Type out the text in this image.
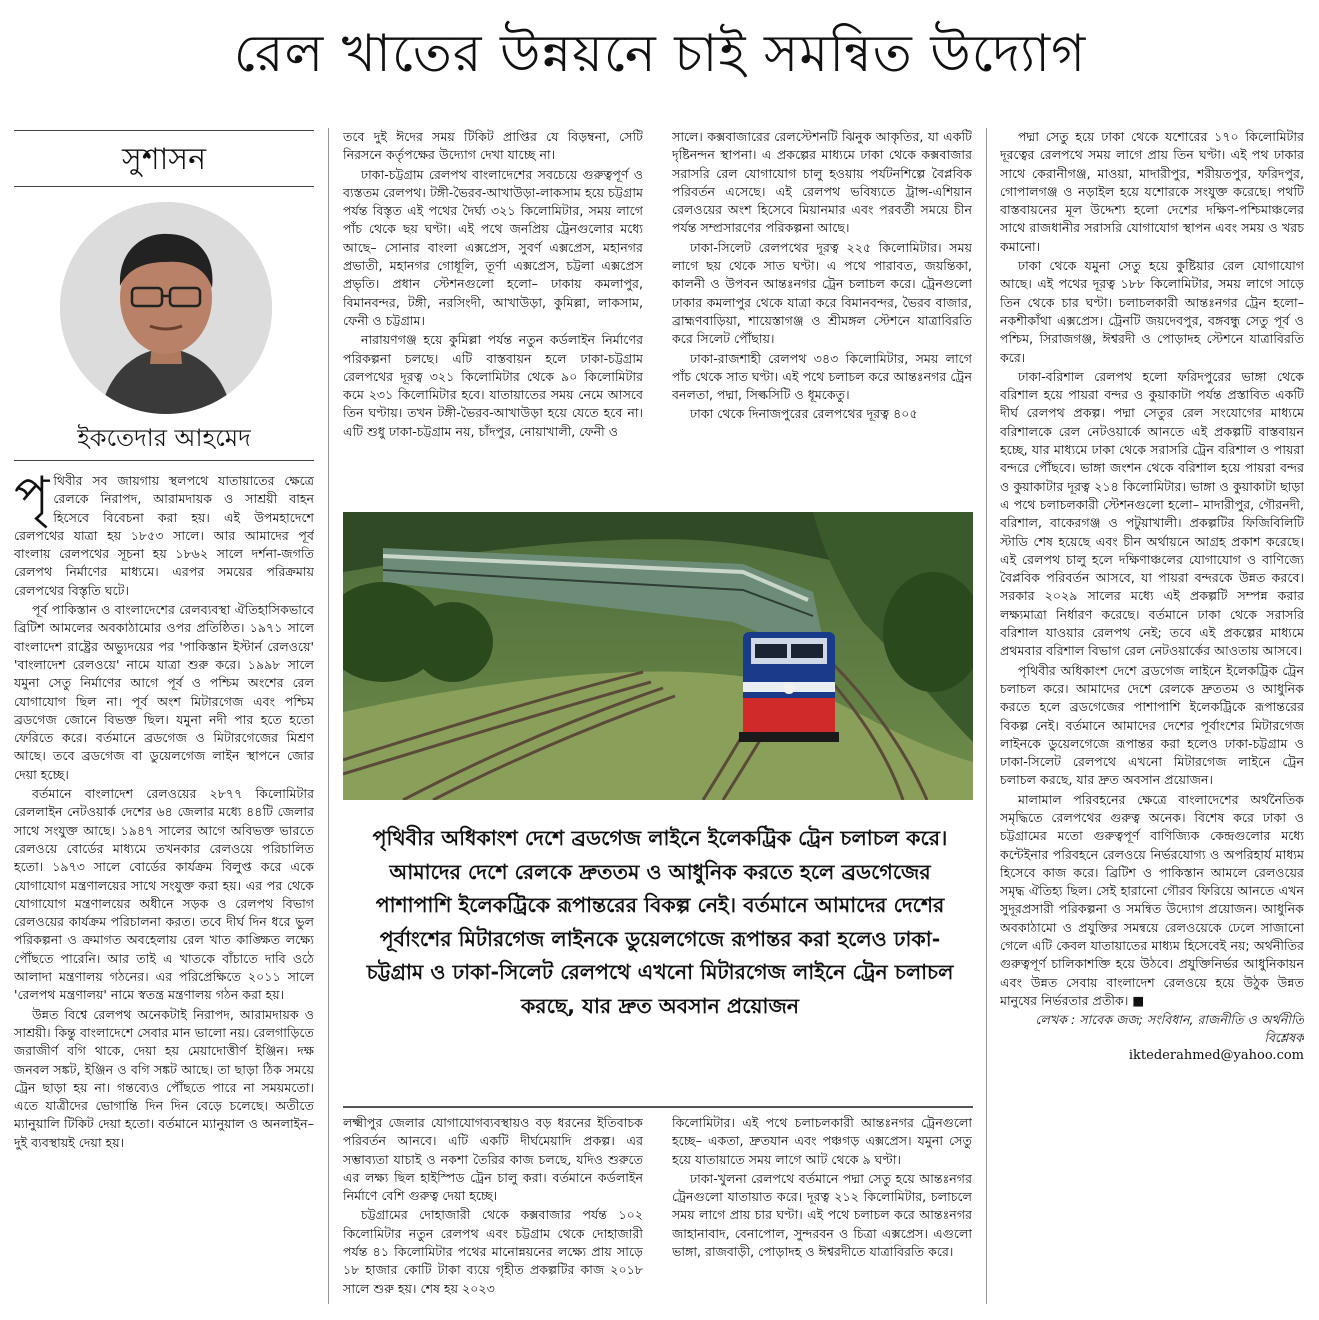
রেল খাতের উন্নয়নে চাই সমন্বিত উদ্যোগ
সুশাসন
ইকতেদার আহমেদ

পৃথিবীর সব জায়গায় স্থলপথে যাতায়াতের ক্ষেত্রে রেলকে নিরাপদ, আরামদায়ক ও সাশ্রয়ী বাহন হিসেবে বিবেচনা করা হয়। এই উপমহাদেশে রেলপথের যাত্রা হয় ১৮৫৩ সালে। আর আমাদের পূর্ব বাংলায় রেলপথের সূচনা হয় ১৮৬২ সালে দর্শনা-জগতি রেলপথ নির্মাণের মাধ্যমে। এরপর সময়ের পরিক্রমায় রেলপথের বিস্তৃতি ঘটে।

পূর্ব পাকিস্তান ও বাংলাদেশের রেলব্যবস্থা ঐতিহাসিকভাবে ব্রিটিশ আমলের অবকাঠামোর ওপর প্রতিষ্ঠিত। ১৯৭১ সালে বাংলাদেশ রাষ্ট্রের অভ্যুদয়ের পর 'পাকিস্তান ইস্টার্ন রেলওয়ে' 'বাংলাদেশ রেলওয়ে' নামে যাত্রা শুরু করে। ১৯৯৮ সালে যমুনা সেতু নির্মাণের আগে পূর্ব ও পশ্চিম অংশের রেল যোগাযোগ ছিল না। পূর্ব অংশ মিটারগেজ এবং পশ্চিম ব্রডগেজ জোনে বিভক্ত ছিল। যমুনা নদী পার হতে হতো ফেরিতে করে। বর্তমানে ব্রডগেজ ও মিটারগেজের মিশ্রণ আছে। তবে ব্রডগেজ বা ডুয়েলগেজ লাইন স্থাপনে জোর দেয়া হচ্ছে।

বর্তমানে বাংলাদেশ রেলওয়ের ২৮৭৭ কিলোমিটার রেললাইন নেটওয়ার্ক দেশের ৬৪ জেলার মধ্যে ৪৪টি জেলার সাথে সংযুক্ত আছে। ১৯৪৭ সালের আগে অবিভক্ত ভারতে রেলওয়ে বোর্ডের মাধ্যমে তখনকার রেলওয়ে পরিচালিত হতো। ১৯৭৩ সালে বোর্ডের কার্যক্রম বিলুপ্ত করে একে যোগাযোগ মন্ত্রণালয়ের সাথে সংযুক্ত করা হয়। এর পর থেকে যোগাযোগ মন্ত্রণালয়ের অধীনে সড়ক ও রেলপথ বিভাগ রেলওয়ের কার্যক্রম পরিচালনা করত। তবে দীর্ঘ দিন ধরে ভুল পরিকল্পনা ও ক্রমাগত অবহেলায় রেল খাত কাঙ্ক্ষিত লক্ষ্যে পৌঁছতে পারেনি। আর তাই এ খাতকে বাঁচাতে দাবি ওঠে আলাদা মন্ত্রণালয় গঠনের। এর পরিপ্রেক্ষিতে ২০১১ সালে 'রেলপথ মন্ত্রণালয়' নামে স্বতন্ত্র মন্ত্রণালয় গঠন করা হয়।

উন্নত বিশ্বে রেলপথ অনেকটাই নিরাপদ, আরামদায়ক ও সাশ্রয়ী। কিন্তু বাংলাদেশে সেবার মান ভালো নয়। রেলগাড়িতে জরাজীর্ণ বগি থাকে, দেয়া হয় মেয়াদোত্তীর্ণ ইঞ্জিন। দক্ষ জনবল সঙ্কট, ইঞ্জিন ও বগি সঙ্কট আছে। তা ছাড়া ঠিক সময়ে ট্রেন ছাড়া হয় না। গন্তব্যেও পৌঁছতে পারে না সময়মতো। এতে যাত্রীদের ভোগান্তি দিন দিন বেড়ে চলেছে। অতীতে ম্যানুয়ালি টিকিট দেয়া হতো। বর্তমানে ম্যানুয়াল ও অনলাইন– দুই ব্যবস্থায়ই দেয়া হয়।

তবে দুই ঈদের সময় টিকিট প্রাপ্তির যে বিড়ম্বনা, সেটি নিরসনে কর্তৃপক্ষের উদ্যোগ দেখা যাচ্ছে না।

ঢাকা-চট্টগ্রাম রেলপথ বাংলাদেশের সবচেয়ে গুরুত্বপূর্ণ ও ব্যস্ততম রেলপথ। টঙ্গী-ভৈরব-আখাউড়া-লাকসাম হয়ে চট্টগ্রাম পর্যন্ত বিস্তৃত এই পথের দৈর্ঘ্য ৩২১ কিলোমিটার, সময় লাগে পাঁচ থেকে ছয় ঘণ্টা। এই পথে জনপ্রিয় ট্রেনগুলোর মধ্যে আছে– সোনার বাংলা এক্সপ্রেস, সুবর্ণ এক্সপ্রেস, মহানগর প্রভাতী, মহানগর গোধূলি, তূর্ণা এক্সপ্রেস, চট্টলা এক্সপ্রেস প্রভৃতি। প্রধান স্টেশনগুলো হলো– ঢাকায় কমলাপুর, বিমানবন্দর, টঙ্গী, নরসিংদী, আখাউড়া, কুমিল্লা, লাকসাম, ফেনী ও চট্টগ্রাম।

নারায়ণগঞ্জ হয়ে কুমিল্লা পর্যন্ত নতুন কর্ডলাইন নির্মাণের পরিকল্পনা চলছে। এটি বাস্তবায়ন হলে ঢাকা-চট্টগ্রাম রেলপথের দূরত্ব ৩২১ কিলোমিটার থেকে ৯০ কিলোমিটার কমে ২৩১ কিলোমিটার হবে। যাতায়াতের সময় নেমে আসবে তিন ঘণ্টায়। তখন টঙ্গী-ভৈরব-আখাউড়া হয়ে যেতে হবে না। এটি শুধু ঢাকা-চট্টগ্রাম নয়, চাঁদপুর, নোয়াখালী, ফেনী ও

সালে। কক্সবাজারের রেলস্টেশনটি ঝিনুক আকৃতির, যা একটি দৃষ্টিনন্দন স্থাপনা। এ প্রকল্পের মাধ্যমে ঢাকা থেকে কক্সবাজার সরাসরি রেল যোগাযোগ চালু হওয়ায় পর্যটনশিল্পে বৈপ্লবিক পরিবর্তন এসেছে। এই রেলপথ ভবিষ্যতে ট্রান্স-এশিয়ান রেলওয়ের অংশ হিসেবে মিয়ানমার এবং পরবর্তী সময়ে চীন পর্যন্ত সম্প্রসারণের পরিকল্পনা আছে।

ঢাকা-সিলেট রেলপথের দূরত্ব ২২৫ কিলোমিটার। সময় লাগে ছয় থেকে সাত ঘণ্টা। এ পথে পারাবত, জয়ন্তিকা, কালনী ও উপবন আন্তঃনগর ট্রেন চলাচল করে। ট্রেনগুলো ঢাকার কমলাপুর থেকে যাত্রা করে বিমানবন্দর, ভৈরব বাজার, ব্রাহ্মণবাড়িয়া, শায়েস্তাগঞ্জ ও শ্রীমঙ্গল স্টেশনে যাত্রাবিরতি করে সিলেট পৌঁছায়।

ঢাকা-রাজশাহী রেলপথ ৩৪৩ কিলোমিটার, সময় লাগে পাঁচ থেকে সাত ঘণ্টা। এই পথে চলাচল করে আন্তঃনগর ট্রেন বনলতা, পদ্মা, সিল্কসিটি ও ধূমকেতু।

ঢাকা থেকে দিনাজপুরের রেলপথের দূরত্ব ৪০৫

পৃথিবীর অধিকাংশ দেশে ব্রডগেজ লাইনে ইলেকট্রিক ট্রেন চলাচল করে। আমাদের দেশে রেলকে দ্রুততম ও আধুনিক করতে হলে ব্রডগেজের পাশাপাশি ইলেকট্রিকে রূপান্তরের বিকল্প নেই। বর্তমানে আমাদের দেশের পূর্বাংশের মিটারগেজ লাইনকে ডুয়েলগেজে রূপান্তর করা হলেও ঢাকা-চট্টগ্রাম ও ঢাকা-সিলেট রেলপথে এখনো মিটারগেজ লাইনে ট্রেন চলাচল করছে, যার দ্রুত অবসান প্রয়োজন

লক্ষ্মীপুর জেলার যোগাযোগব্যবস্থায়ও বড় ধরনের ইতিবাচক পরিবর্তন আনবে। এটি একটি দীর্ঘমেয়াদি প্রকল্প। এর সম্ভাব্যতা যাচাই ও নকশা তৈরির কাজ চলছে, যদিও শুরুতে এর লক্ষ্য ছিল হাইস্পিড ট্রেন চালু করা। বর্তমানে কর্ডলাইন নির্মাণে বেশি গুরুত্ব দেয়া হচ্ছে।

চট্টগ্রামের দোহাজারী থেকে কক্সবাজার পর্যন্ত ১০২ কিলোমিটার নতুন রেলপথ এবং চট্টগ্রাম থেকে দোহাজারী পর্যন্ত ৪১ কিলোমিটার পথের মানোন্নয়নের লক্ষ্যে প্রায় সাড়ে ১৮ হাজার কোটি টাকা ব্যয়ে গৃহীত প্রকল্পটির কাজ ২০১৮ সালে শুরু হয়। শেষ হয় ২০২৩

কিলোমিটার। এই পথে চলাচলকারী আন্তঃনগর ট্রেনগুলো হচ্ছে– একতা, দ্রুতযান এবং পঞ্চগড় এক্সপ্রেস। যমুনা সেতু হয়ে যাতায়াতে সময় লাগে আট থেকে ৯ ঘণ্টা।

ঢাকা-খুলনা রেলপথে বর্তমানে পদ্মা সেতু হয়ে আন্তঃনগর ট্রেনগুলো যাতায়াত করে। দূরত্ব ২১২ কিলোমিটার, চলাচলে সময় লাগে প্রায় চার ঘণ্টা। এই পথে চলাচল করে আন্তঃনগর জাহানাবাদ, বেনাপোল, সুন্দরবন ও চিত্রা এক্সপ্রেস। এগুলো ভাঙ্গা, রাজবাড়ী, পোড়াদহ ও ঈশ্বরদীতে যাত্রাবিরতি করে।

পদ্মা সেতু হয়ে ঢাকা থেকে যশোরের ১৭০ কিলোমিটার দূরত্বের রেলপথে সময় লাগে প্রায় তিন ঘণ্টা। এই পথ ঢাকার সাথে কেরানীগঞ্জ, মাওয়া, মাদারীপুর, শরীয়তপুর, ফরিদপুর, গোপালগঞ্জ ও নড়াইল হয়ে যশোরকে সংযুক্ত করেছে। পথটি বাস্তবায়নের মূল উদ্দেশ্য হলো দেশের দক্ষিণ-পশ্চিমাঞ্চলের সাথে রাজধানীর সরাসরি যোগাযোগ স্থাপন এবং সময় ও খরচ কমানো।

ঢাকা থেকে যমুনা সেতু হয়ে কুষ্টিয়ার রেল যোগাযোগ আছে। এই পথের দূরত্ব ১৮৮ কিলোমিটার, সময় লাগে সাড়ে তিন থেকে চার ঘণ্টা। চলাচলকারী আন্তঃনগর ট্রেন হলো– নকশীকাঁথা এক্সপ্রেস। ট্রেনটি জয়দেবপুর, বঙ্গবন্ধু সেতু পূর্ব ও পশ্চিম, সিরাজগঞ্জ, ঈশ্বরদী ও পোড়াদহ স্টেশনে যাত্রাবিরতি করে।

ঢাকা-বরিশাল রেলপথ হলো ফরিদপুরের ভাঙ্গা থেকে বরিশাল হয়ে পায়রা বন্দর ও কুয়াকাটা পর্যন্ত প্রস্তাবিত একটি দীর্ঘ রেলপথ প্রকল্প। পদ্মা সেতুর রেল সংযোগের মাধ্যমে বরিশালকে রেল নেটওয়ার্কে আনতে এই প্রকল্পটি বাস্তবায়ন হচ্ছে, যার মাধ্যমে ঢাকা থেকে সরাসরি ট্রেন বরিশাল ও পায়রা বন্দরে পৌঁছবে। ভাঙ্গা জংশন থেকে বরিশাল হয়ে পায়রা বন্দর ও কুয়াকাটার দূরত্ব ২১৪ কিলোমিটার। ভাঙ্গা ও কুয়াকাটা ছাড়া এ পথে চলাচলকারী স্টেশনগুলো হলো– মাদারীপুর, গৌরনদী, বরিশাল, বাকেরগঞ্জ ও পটুয়াখালী। প্রকল্পটির ফিজিবিলিটি স্টাডি শেষ হয়েছে এবং চীন অর্থায়নে আগ্রহ প্রকাশ করেছে। এই রেলপথ চালু হলে দক্ষিণাঞ্চলের যোগাযোগ ও বাণিজ্যে বৈপ্লবিক পরিবর্তন আসবে, যা পায়রা বন্দরকে উন্নত করবে। সরকার ২০২৯ সালের মধ্যে এই প্রকল্পটি সম্পন্ন করার লক্ষ্যমাত্রা নির্ধারণ করেছে। বর্তমানে ঢাকা থেকে সরাসরি বরিশাল যাওয়ার রেলপথ নেই; তবে এই প্রকল্পের মাধ্যমে প্রথমবার বরিশাল বিভাগ রেল নেটওয়ার্কের আওতায় আসবে।

পৃথিবীর অধিকাংশ দেশে ব্রডগেজ লাইনে ইলেকট্রিক ট্রেন চলাচল করে। আমাদের দেশে রেলকে দ্রুততম ও আধুনিক করতে হলে ব্রডগেজের পাশাপাশি ইলেকট্রিকে রূপান্তরের বিকল্প নেই। বর্তমানে আমাদের দেশের পূর্বাংশের মিটারগেজ লাইনকে ডুয়েলগেজে রূপান্তর করা হলেও ঢাকা-চট্টগ্রাম ও ঢাকা-সিলেট রেলপথে এখনো মিটারগেজ লাইনে ট্রেন চলাচল করছে, যার দ্রুত অবসান প্রয়োজন।

মালামাল পরিবহনের ক্ষেত্রে বাংলাদেশের অর্থনৈতিক সমৃদ্ধিতে রেলপথের গুরুত্ব অনেক। বিশেষ করে ঢাকা ও চট্টগ্রামের মতো গুরুত্বপূর্ণ বাণিজ্যিক কেন্দ্রগুলোর মধ্যে কন্টেইনার পরিবহনে রেলওয়ে নির্ভরযোগ্য ও অপরিহার্য মাধ্যম হিসেবে কাজ করে। ব্রিটিশ ও পাকিস্তান আমলে রেলওয়ের সমৃদ্ধ ঐতিহ্য ছিল। সেই হারানো গৌরব ফিরিয়ে আনতে এখন সুদূরপ্রসারী পরিকল্পনা ও সমন্বিত উদ্যোগ প্রয়োজন। আধুনিক অবকাঠামো ও প্রযুক্তির সমন্বয়ে রেলওয়েকে ঢেলে সাজানো গেলে এটি কেবল যাতায়াতের মাধ্যম হিসেবেই নয়; অর্থনীতির গুরুত্বপূর্ণ চালিকাশক্তি হয়ে উঠবে। প্রযুক্তিনির্ভর আধুনিকায়ন এবং উন্নত সেবায় বাংলাদেশ রেলওয়ে হয়ে উঠুক উন্নত মানুষের নির্ভরতার প্রতীক। ■

লেখক : সাবেক জজ; সংবিধান, রাজনীতি ও অর্থনীতি বিশ্লেষক
iktederahmed@yahoo.com
